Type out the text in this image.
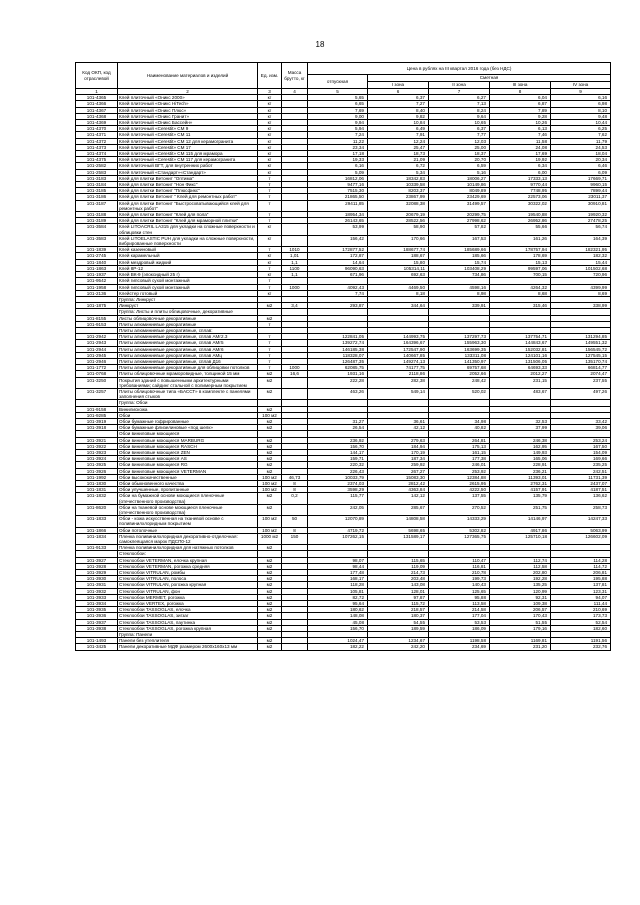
18
Код ОКП, код отраслевой	Наименование материалов и изделий	Ед. изм.	Масса брутто, кг	Цена в рублях на III квартал 2016 года (без НДС)				
				отпускная	Сметная			
					I зона	II зона	III зона	IV зона
1	2	3	4	5	6	7	8	9
101-4365	Клей плиточный «Оникс 2000»	кг		5,65	6,37	6,27	6,04	6,16
101-4366	Клей плиточный «Оникс HiTech»	кг		6,65	7,27	7,13	6,87	6,98
101-4367	Клей плиточный «Оникс Плюс»	кг		7,69	8,40	8,24	7,89	8,10
101-4368	Клей плиточный «Оникс Гранит»	кг		9,00	9,82	9,64	9,28	9,48
101-4369	Клей плиточный «Оникс Бассейн»	кг		9,94	10,84	10,65	10,26	10,44
101-4370	Клей плиточный «Cerestit» CM 9	кг		5,94	6,49	6,37	6,13	6,25
101-4371	Клей плиточный «Cerestit» CM 11	кг		7,24	7,91	7,77	7,46	7,62
101-4372	Клей плиточный «Cerestit» CM 12 для керамогранита	кг		11,22	12,24	12,03	11,58	11,79
101-4373	Клей плиточный «Cerestit» CM 17	кг		23,34	25,47	25,00	24,08	24,53
101-4374	Клей плиточный «Cerestit» CM 115 для мрамора	кг		17,18	18,73	18,37	17,69	18,04
101-4375	Клей плиточный «Cerestit» CM 117 для керамогранита	кг		19,33	21,09	20,70	19,92	20,34
101-2582	Клей плиточный ВГТ, для внутренних работ	кг		6,16	6,72	6,59	6,34	6,46
101-2583	Клей плиточный «Стандарт»«Стандарт»	кг		5,09	5,34	5,16	6,00	6,09
101-3183	Клей для плитки Ветонит "Оптима"	т		16812,06	18342,83	18006,27	17333,13	17669,71
101-3184	Клей для плитки Ветонит "Нон Фикс"	т		9477,16	10339,58	10149,86	9770,44	9960,15
101-3185	Клей для плитки Ветонит "Плюсфикс"	т		7515,30	8203,37	8049,89	7748,95	7899,44
101-3186	Клей для плитки Ветонит " Клей для ремонтных работ"	т		21865,50	23867,99	23429,69	22573,06	23011,37
101-3187	Клей для плитки Ветонит "Быстросхватывающийся клей для ремонтных работ"	т		29411,85	32088,38	31499,57	30322,02	30910,81
101-3188	Клей для плитки Ветонит "Клей для пола"	т		18954,34	20679,19	20299,75	19540,88	19920,32
101-3189	Клей для плитки Ветонит "Клей для мраморной плитки"	т		26143,65	28522,56	27998,62	26952,86	27478,25
101-3584	Клей LITOACRIL LA315 для укладки на сложные поверхности и облицовки стен	кг		53,99	58,90	57,82	55,66	56,74
101-3583	Клей LITOELASTIC PUH для укладки на сложные поверхности, вибрированные поверхности	кг		156,42	170,66	167,53	161,26	164,39
101-1839	Клей казеиновый	т	1010	172877,52	188677,74	185689,66	178757,94	182321,95
101-2745	Клей карамельный	кг	1,01	172,87	188,67	185,66	178,69	182,32
101-1840	Клей мездровый жидкий	кг	1,1	14,64	15,80	15,74	15,13	15,44
101-1863	Клей 8Р-12	т	1100	96090,63	105314,11	103408,29	99597,06	101502,68
101-1937	Клей ВК-9 (эпоксидный 25 г)	кг	1,1	671,96	692,63	734,86	700,15	720,96
101-9542	Клей гипсовый сухой монтажный	т						
101-1958	Клей гипсовый сухой монтажный	т	1000	4092,43	4469,50	4598,16	4264,32	4399,99
101-2136	Клейстер готовый	кг		7,74	8,18	8,98	8,68	8,69
	Группа: Линкруст							
101-1875	Линкруст	м2	3,4	293,87	344,64	339,91	315,46	338,99
	Группа: Листы и плиты облицовочные, декоративные							
101-8155	Листы облицовочные декоративные	м2						
101-9153	Плиты алюминиевые декоративные	т						
	Плиты алюминиевые декоративные, сплав:							
101-2942	Плиты алюминиевые декоративные, сплав АМг2.3	т		122841,05	144993,75	137297,73	137754,71	131294,85
101-2943	Плиты алюминиевые декоративные, сплав АМг5	т		139272,74	164396,67	155963,30	144843,67	149551,32
101-2944	Плиты алюминиевые декоративные, сплав АМг6	т		146185,38	172547,90	163699,35	152032,81	156545,72
101-2945	Плиты алюминиевые декоративные, сплав АМц	т		118328,07	140667,85	133311,08	124101,16	127545,15
101-2946	Плиты алюминиевые декоративные, сплав Д16	т		126487,35	149274,13	141350,97	131506,05	135170,74
101-1772	Плиты алюминиевые декоративные для облицовки потолков	т	1000	62085,75	74177,75	69757,68	64693,33	66814,77
101-0768	Плиты облицовочные мраморовидные, толщиной 15 мм	м2	16,6	1931,16	2118,86	2052,66	2012,27	2074,47
101-3250	Покрытия зданий с повышенными архитектурными требованиями; сайдинг стальной с полимерным покрытием	м2		222,28	282,38	248,42	231,15	237,55
101-3257	Плиты облицовочные типа «БАССТ» в комплекте с панелями заполнения стыков	м2		463,26	549,14	520,02	483,67	497,26
	Группа: Обои							
101-9158	Винилискожа	м2						
101-9285	Обои	100 м2						
101-3919	Обои бумажные гофрированные	м2		31,27	36,61	34,98	32,53	33,42
101-3918	Обои бумажные флизелиновые «под шелк»	м2		26,54	42,12	40,82	37,99	39,06
	Обои виниловые моющиеся							
101-3921	Обои виниловые моющиеся MARBURG	м2		236,92	279,63	264,81	246,38	253,24
101-3922	Обои виниловые моющиеся RASCH	м2		156,70	184,94	175,13	162,95	167,50
101-3923	Обои виниловые моющиеся ZEN	м2		144,17	170,19	161,15	149,93	154,09
101-3924	Обои виниловые моющиеся AS	м2		159,71	187,34	177,38	165,06	169,66
101-3925	Обои виниловые моющиеся RG	м2		220,32	259,92	246,01	228,91	235,25
101-3926	Обои виниловые моющиеся VETERMAN	м2		226,43	267,27	253,92	236,21	242,51
101-1992	Обои высококачественные	100 м2	46,73	10033,79	15083,30	12384,88	11393,01	11731,39
101-1830	Обои обыкновенного качества	100 м2	8	2374,03	2812,42	2615,95	2762,31	2437,07
101-1831	Обои улучшенные, пропитанные	100 м2	8	3598,29	4363,84	4222,50	4157,91	4187,51
101-1832	Обои на бумажной основе моющиеся пленочные (отечественного производства)	м2	0,2	115,77	142,12	137,55	135,79	136,62
101-8620	Обои на тканевой основе моющиеся пленочные (отечественного производства)	м2		242,05	285,67	270,52	251,75	258,73
101-1833	Обои - кожа искусственная на тканевой основе с поливинилхлоридным покрытием	100 м2	50	12070,89	14808,58	14333,29	14146,97	14247,33
101-1866	Обои потолочные	100 м2	8	4719,72	5698,65	5302,82	4917,86	5063,99
101-1834	Пленка поливинилхлоридная декоративно-отделочная: самоклеящаяся марок ПДСП0-12	1000 м2	150	107262,15	131589,17	127365,75	125710,18	126602,09
101-9133	Пленка поливинилхлоридная для натяжных потолков	м2						
	Стеклообои:							
101-3927	Стеклообои VETERMAN, елочка крупная	м2		98,07	115,65	110,47	112,74	114,28
101-3928	Стеклообои VETERMAN, рогожка средняя	м2		98,44	119,09	116,81	112,58	114,72
101-3929	Стеклообои VITRULAN, ромбы	м2		177,48	214,73	210,78	202,80	206,81
101-3930	Стеклообои VITRULAN, полоса	м2		168,17	203,48	199,73	192,28	195,88
101-3931	Стеклообои VITRULAN, рогожка крупная	м2		118,28	143,08	140,43	135,25	137,81
101-3932	Стеклообои VITRULAN, фон	м2		105,81	128,01	125,65	120,99	123,31
101-3933	Стеклообои MERMET, рогожка	м2		82,72	97,87	95,88	92,31	94,07
101-3934	Стеклообои VERTEX, рогожка	м2		95,64	115,72	113,58	109,38	111,44
101-3935	Стеклообои TASSOGLAS, елочка	м2		180,62	218,57	214,58	206,57	210,69
101-3936	Стеклообои TASSOGLAS, зигзаг	м2		148,08	180,37	177,04	170,43	173,73
101-3937	Стеклообои TASSOGLAS, паутинка	м2		45,08	54,55	53,53	51,55	52,54
101-3938	Стеклообои TASSOGLAS, рогожка крупная	м2		156,70	189,59	186,09	179,16	182,60
	Группа: Панели							
101-1493	Панели без утеплителя	м2		1024,47	1234,67	1198,58	1169,81	1191,56
101-3425	Панели декоративные МДФ размером 2600х160х13 мм	м2		182,22	242,20	234,69	231,20	232,76
